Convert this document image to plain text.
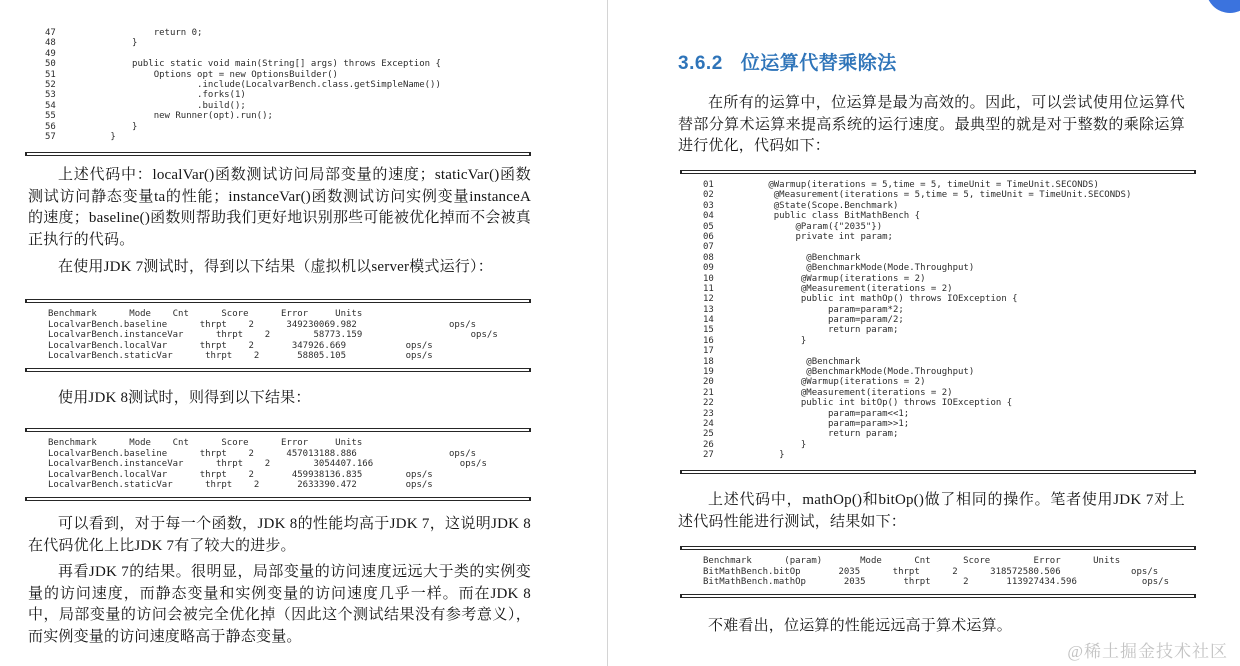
47	return 0;
48	}
49
50	public static void main(String[] args) throws Exception {
51	Options opt = new OptionsBuilder()
52	.include(LocalvarBench.class.getSimpleName())
53	.forks(1)
54	.build();
55	new Runner(opt).run();
56	}
57	}
上述代码中：localVar()函数测试访问局部变量的速度；staticVar()函数测试访问静态变量ta的性能；instanceVar()函数测试访问实例变量instanceA的速度；baseline()函数则帮助我们更好地识别那些可能被优化掉而不会被真正执行的代码。
在使用JDK 7测试时，得到以下结果（虚拟机以server模式运行）：
Benchmark      Mode    Cnt      Score      Error     Units
LocalvarBench.baseline      thrpt    2      349230069.982                 ops/s
LocalvarBench.instanceVar      thrpt    2        58773.159                    ops/s
LocalvarBench.localVar      thrpt    2       347926.669           ops/s
LocalvarBench.staticVar      thrpt    2       58805.105           ops/s
使用JDK 8测试时，则得到以下结果：
Benchmark      Mode    Cnt      Score      Error     Units
LocalvarBench.baseline      thrpt    2      457013188.886                 ops/s
LocalvarBench.instanceVar      thrpt    2        3054407.166                ops/s
LocalvarBench.localVar      thrpt    2       459938136.835        ops/s
LocalvarBench.staticVar      thrpt    2       2633390.472         ops/s
可以看到，对于每一个函数，JDK 8的性能均高于JDK 7，这说明JDK 8在代码优化上比JDK 7有了较大的进步。
再看JDK 7的结果。很明显，局部变量的访问速度远远大于类的实例变量的访问速度，而静态变量和实例变量的访问速度几乎一样。而在JDK 8中，局部变量的访问会被完全优化掉（因此这个测试结果没有参考意义），而实例变量的访问速度略高于静态变量。
3.6.2 位运算代替乘除法
在所有的运算中，位运算是最为高效的。因此，可以尝试使用位运算代替部分算术运算来提高系统的运行速度。最典型的就是对于整数的乘除运算进行优化，代码如下：
01	@Warmup(iterations = 5,time = 5, timeUnit = TimeUnit.SECONDS)
02	@Measurement(iterations = 5,time = 5, timeUnit = TimeUnit.SECONDS)
03	@State(Scope.Benchmark)
04	public class BitMathBench {
05	@Param({"2035"})
06	private int param;
07
08	@Benchmark
09	@BenchmarkMode(Mode.Throughput)
10	@Warmup(iterations = 2)
11	@Measurement(iterations = 2)
12	public int mathOp() throws IOException {
13	param=param*2;
14	param=param/2;
15	return param;
16	}
17
18	@Benchmark
19	@BenchmarkMode(Mode.Throughput)
20	@Warmup(iterations = 2)
21	@Measurement(iterations = 2)
22	public int bitOp() throws IOException {
23	param=param<<1;
24	param=param>>1;
25	return param;
26	}
27	}
上述代码中，mathOp()和bitOp()做了相同的操作。笔者使用JDK 7对上述代码性能进行测试，结果如下：
Benchmark      (param)       Mode      Cnt      Score        Error      Units
BitMathBench.bitOp       2035      thrpt      2      318572580.506             ops/s
BitMathBench.mathOp       2035       thrpt      2       113927434.596            ops/s
不难看出，位运算的性能远远高于算术运算。
@稀土掘金技术社区
